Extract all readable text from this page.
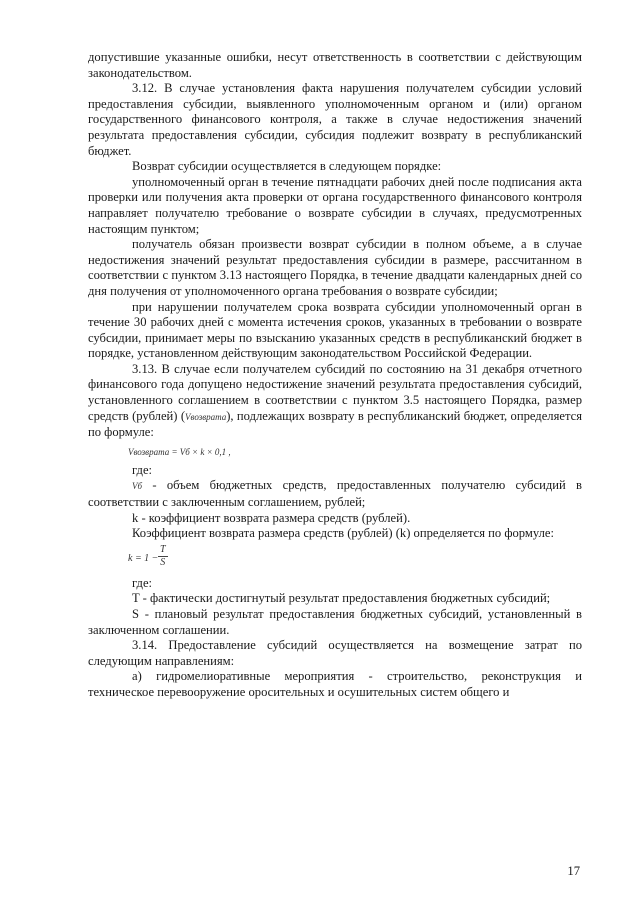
допустившие указанные ошибки, несут ответственность в соответствии с действующим законодательством.

3.12. В случае установления факта нарушения получателем субсидии условий предоставления субсидии, выявленного уполномоченным органом и (или) органом государственного финансового контроля, а также в случае недостижения значений результата предоставления субсидии, субсидия подлежит возврату в республиканский бюджет.

Возврат субсидии осуществляется в следующем порядке:

уполномоченный орган в течение пятнадцати рабочих дней после подписания акта проверки или получения акта проверки от органа государственного финансового контроля направляет получателю требование о возврате субсидии в случаях, предусмотренных настоящим пунктом;

получатель обязан произвести возврат субсидии в полном объеме, а в случае недостижения значений результат предоставления субсидии в размере, рассчитанном в соответствии с пунктом 3.13 настоящего Порядка, в течение двадцати календарных дней со дня получения от уполномоченного органа требования о возврате субсидии;

при нарушении получателем срока возврата субсидии уполномоченный орган в течение 30 рабочих дней с момента истечения сроков, указанных в требовании о возврате субсидии, принимает меры по взысканию указанных средств в республиканский бюджет в порядке, установленном действующим законодательством Российской Федерации.

3.13. В случае если получателем субсидий по состоянию на 31 декабря отчетного финансового года допущено недостижение значений результата предоставления субсидий, установленного соглашением в соответствии с пунктом 3.5 настоящего Порядка, размер средств (рублей) (Vвозврата), подлежащих возврату в республиканский бюджет, определяется по формуле:

Vвозврата = Vб × k × 0,1 ,

где:

Vб - объем бюджетных средств, предоставленных получателю субсидий в соответствии с заключенным соглашением, рублей;

k - коэффициент возврата размера средств (рублей).

Коэффициент возврата размера средств (рублей) (k) определяется по формуле:

$k = 1 - \frac{T}{S}$

где:

T - фактически достигнутый результат предоставления бюджетных субсидий;

S - плановый результат предоставления бюджетных субсидий, установленный в заключенном соглашении.

3.14. Предоставление субсидий осуществляется на возмещение затрат по следующим направлениям:

а) гидромелиоративные мероприятия - строительство, реконструкция и техническое перевооружение оросительных и осушительных систем общего и

17
